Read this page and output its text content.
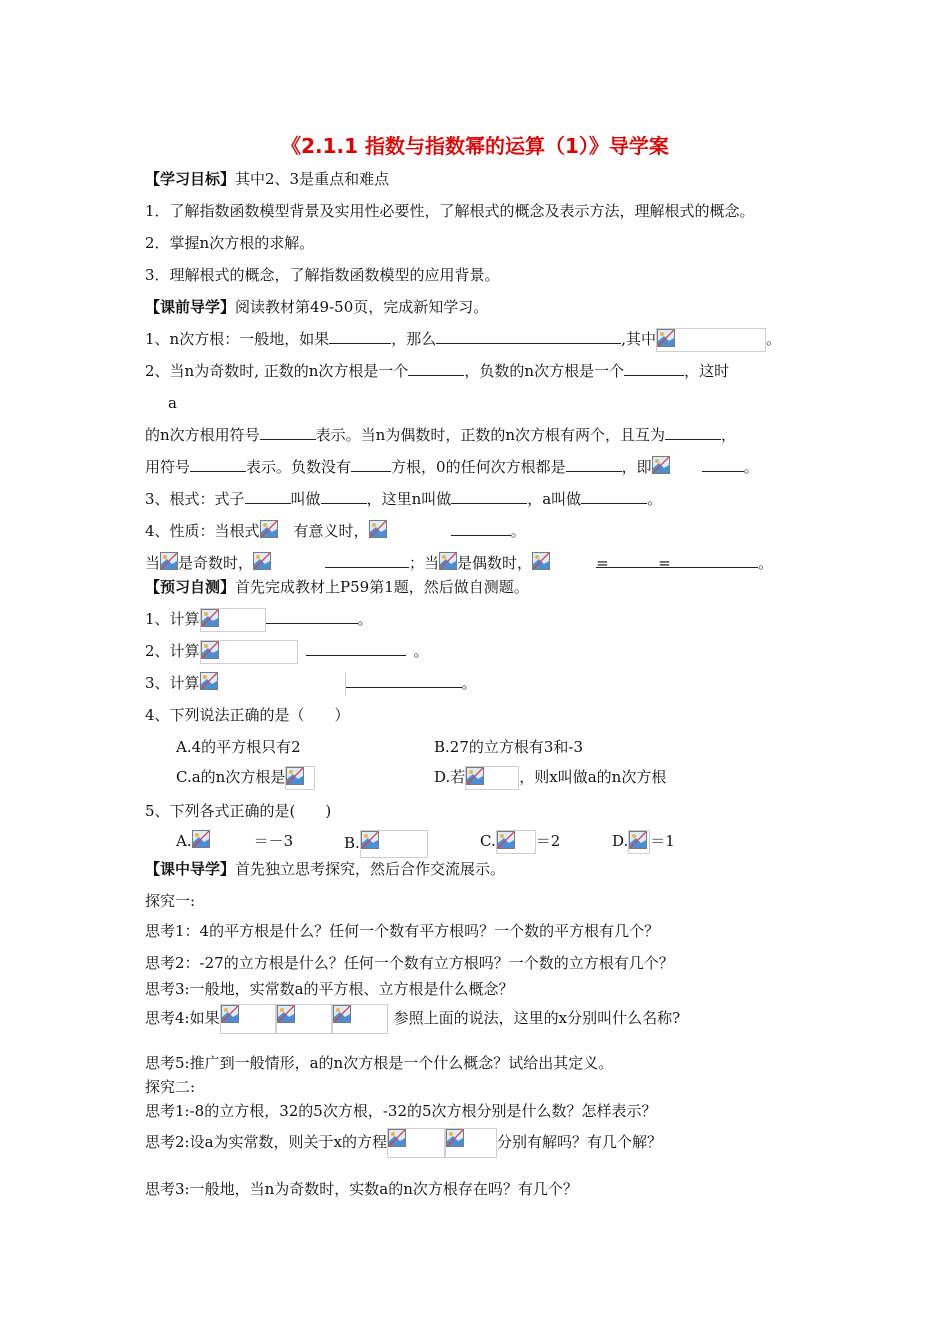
《2.1.1 指数与指数幂的运算（1）》导学案
【学习目标】其中2、3是重点和难点
1．了解指数函数模型背景及实用性必要性，了解根式的概念及表示方法，理解根式的概念。
2．掌握n次方根的求解。
3．理解根式的概念，了解指数函数模型的应用背景。
【课前导学】阅读教材第49-50页，完成新知学习。
1、n次方根：一般地，如果	，那么	,其中	。
2、当n为奇数时, 正数的n次方根是一个	，负数的n次方根是一个	，这时
a
的n次方根用符号	表示。当n为偶数时，正数的n次方根有两个，且互为	，
用符号	表示。负数没有	方根，0的任何次方根都是	，即	。
3、根式：式子	叫做	，这里n叫做	，a叫做	。
4、性质：当根式 有意义时，	。
当 是奇数时，	；当 是偶数时，	=	=	。
【预习自测】首先完成教材上P59第1题，然后做自测题。
1、计算	。
2、计算	。
3、计算	。
4、下列说法正确的是（　　）
A.4的平方根只有2	B.27的立方根有3和-3
C.a的n次方根是	D.若	，则x叫做a的n次方根
5、下列各式正确的是(　　)
A.	＝－3	B.	C.	＝2	D. ＝1
【课中导学】首先独立思考探究，然后合作交流展示。
探究一:
思考1：4的平方根是什么？任何一个数有平方根吗？一个数的平方根有几个？
思考2：-27的立方根是什么？任何一个数有立方根吗？一个数的立方根有几个？
思考3:一般地，实常数a的平方根、立方根是什么概念？
思考4:如果	参照上面的说法，这里的x分别叫什么名称?
思考5:推广到一般情形，a的n次方根是一个什么概念？试给出其定义。
探究二:
思考1:-8的立方根，32的5次方根，-32的5次方根分别是什么数？怎样表示？
思考2:设a为实常数，则关于x的方程	分别有解吗？有几个解？
思考3:一般地，当n为奇数时，实数a的n次方根存在吗？有几个？
